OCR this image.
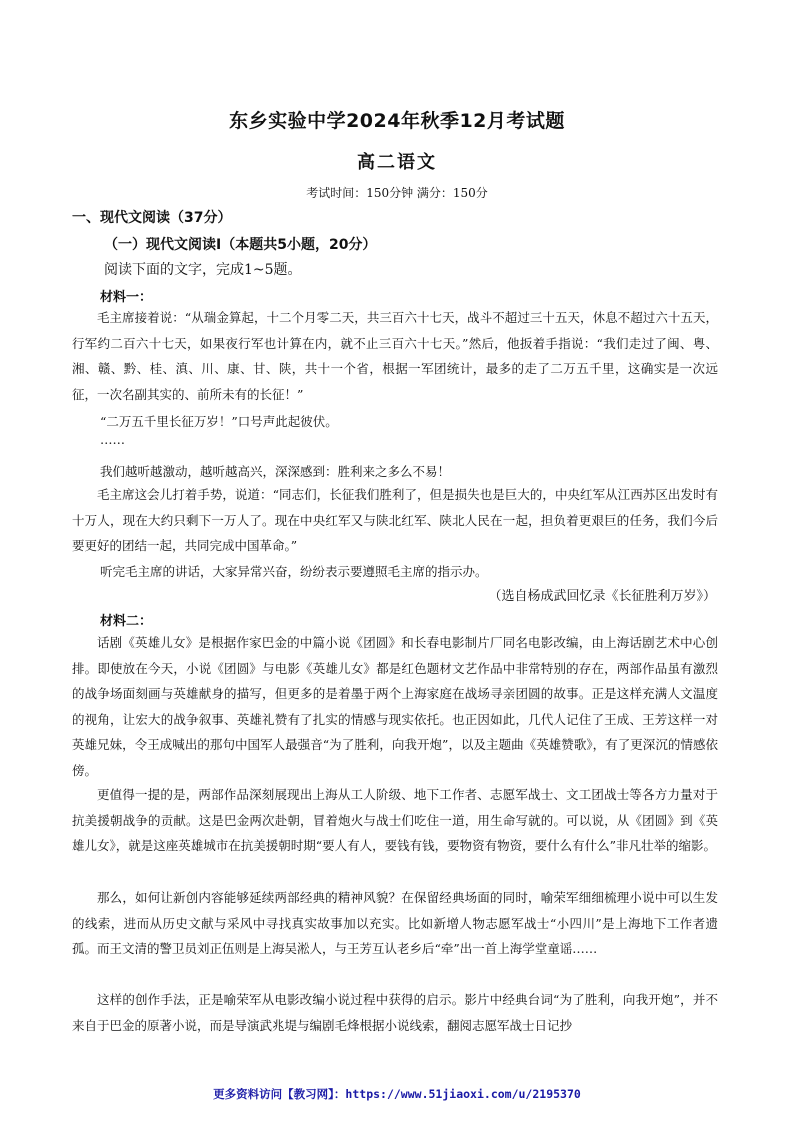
东乡实验中学2024年秋季12月考试题
高二语文
考试时间：150分钟 满分：150分
一、现代文阅读（37分）
（一）现代文阅读Ⅰ（本题共5小题，20分）
阅读下面的文字，完成1~5题。
材料一：

毛主席接着说：“从瑞金算起，十二个月零二天，共三百六十七天，战斗不超过三十五天，休息不超过六十五天，行军约二百六十七天，如果夜行军也计算在内，就不止三百六十七天。”然后，他扳着手指说：“我们走过了闽、粤、湘、赣、黔、桂、滇、川、康、甘、陕，共十一个省，根据一军团统计，最多的走了二万五千里，这确实是一次远征，一次名副其实的、前所未有的长征！”

“二万五千里长征万岁！”口号声此起彼伏。
……
我们越听越激动，越听越高兴，深深感到：胜利来之多么不易！

毛主席这会儿打着手势，说道：“同志们，长征我们胜利了，但是损失也是巨大的，中央红军从江西苏区出发时有十万人，现在大约只剩下一万人了。现在中央红军又与陕北红军、陕北人民在一起，担负着更艰巨的任务，我们今后要更好的团结一起，共同完成中国革命。”

听完毛主席的讲话，大家异常兴奋，纷纷表示要遵照毛主席的指示办。
（选自杨成武回忆录《长征胜利万岁》）
材料二：

话剧《英雄儿女》是根据作家巴金的中篇小说《团圆》和长春电影制片厂同名电影改编，由上海话剧艺术中心创排。即使放在今天，小说《团圆》与电影《英雄儿女》都是红色题材文艺作品中非常特别的存在，两部作品虽有激烈的战争场面刻画与英雄献身的描写，但更多的是着墨于两个上海家庭在战场寻亲团圆的故事。正是这样充满人文温度的视角，让宏大的战争叙事、英雄礼赞有了扎实的情感与现实依托。也正因如此，几代人记住了王成、王芳这样一对英雄兄妹，令王成喊出的那句中国军人最强音“为了胜利，向我开炮”，以及主题曲《英雄赞歌》，有了更深沉的情感依傍。

更值得一提的是，两部作品深刻展现出上海从工人阶级、地下工作者、志愿军战士、文工团战士等各方力量对于抗美援朝战争的贡献。这是巴金两次赴朝，冒着炮火与战士们吃住一道，用生命写就的。可以说，从《团圆》到《英雄儿女》，就是这座英雄城市在抗美援朝时期“要人有人，要钱有钱，要物资有物资，要什么有什么”非凡壮举的缩影。

那么，如何让新创内容能够延续两部经典的精神风貌？在保留经典场面的同时，喻荣军细细梳理小说中可以生发的线索，进而从历史文献与采风中寻找真实故事加以充实。比如新增人物志愿军战士“小四川”是上海地下工作者遗孤。而王文清的警卫员刘正伍则是上海吴淞人，与王芳互认老乡后“牵”出一首上海学堂童谣……

这样的创作手法，正是喻荣军从电影改编小说过程中获得的启示。影片中经典台词“为了胜利，向我开炮”，并不来自于巴金的原著小说，而是导演武兆堤与编剧毛烽根据小说线索，翻阅志愿军战士日记抄

更多资料访问【教习网】：https://www.51jiaoxi.com/u/2195370
